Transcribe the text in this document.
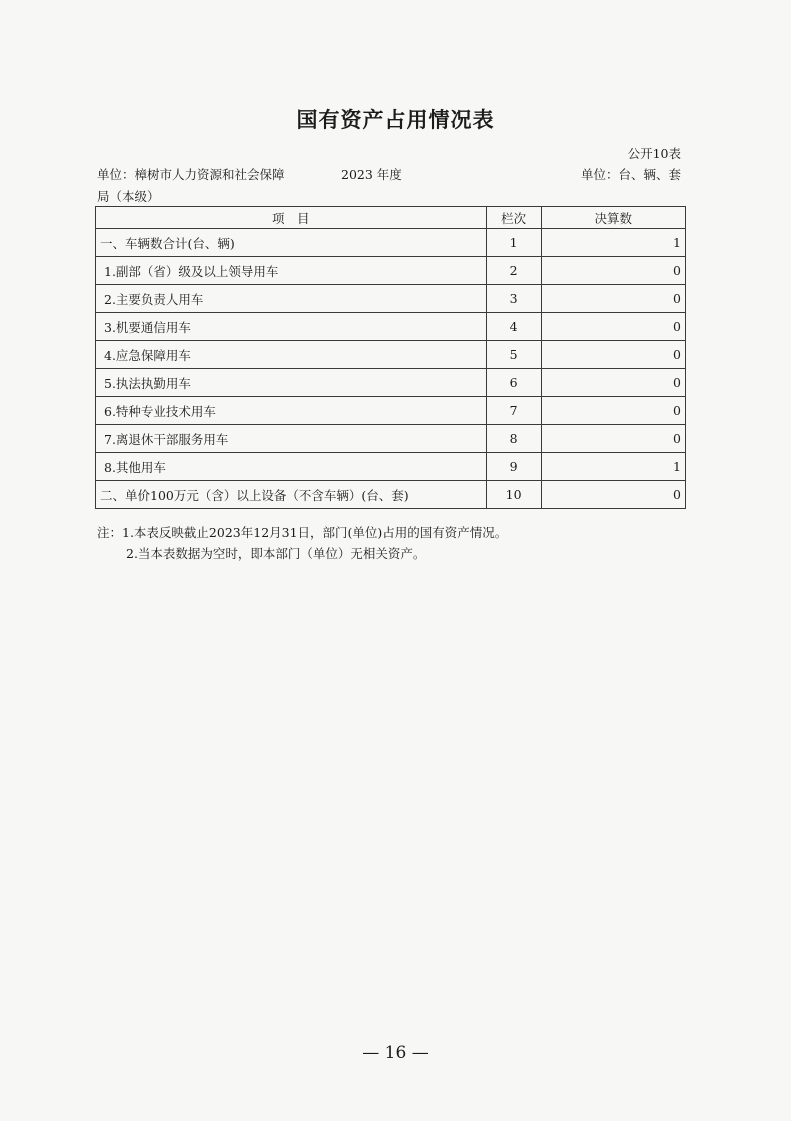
国有资产占用情况表
公开10表
单位：樟树市人力资源和社会保障	2023 年度	单位：台、辆、套
局（本级）
项　目	栏次	决算数
一、车辆数合计(台、辆)	1	1
1.副部（省）级及以上领导用车	2	0
2.主要负责人用车	3	0
3.机要通信用车	4	0
4.应急保障用车	5	0
5.执法执勤用车	6	0
6.特种专业技术用车	7	0
7.离退休干部服务用车	8	0
8.其他用车	9	1
二、单价100万元（含）以上设备（不含车辆）(台、套)	10	0
注：1.本表反映截止2023年12月31日，部门(单位)占用的国有资产情况。
2.当本表数据为空时，即本部门（单位）无相关资产。
— 16 —
